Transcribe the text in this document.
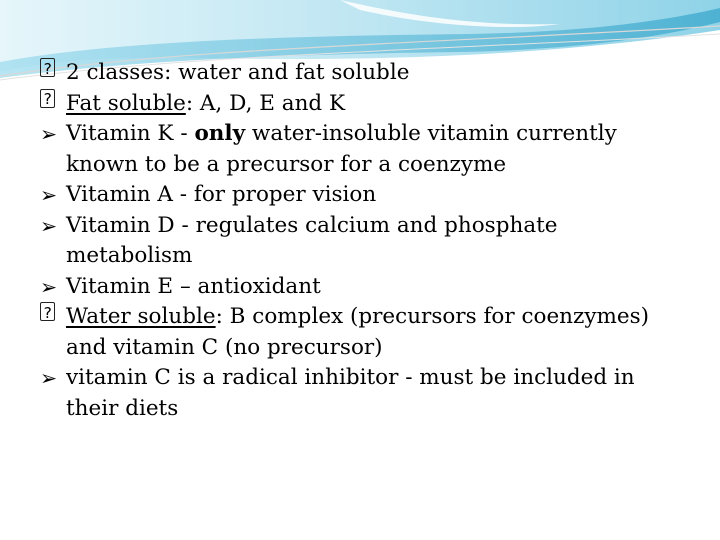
?
2 classes: water and fat soluble
?
Fat soluble: A, D, E and K
➢ Vitamin K - only water-insoluble vitamin currently known to be a precursor for a coenzyme
➢ Vitamin A - for proper vision
➢ Vitamin D - regulates calcium and phosphate metabolism
➢ Vitamin E – antioxidant
?
Water soluble: B complex (precursors for coenzymes) and vitamin C (no precursor)
➢ vitamin C is a radical inhibitor - must be included in their diets
